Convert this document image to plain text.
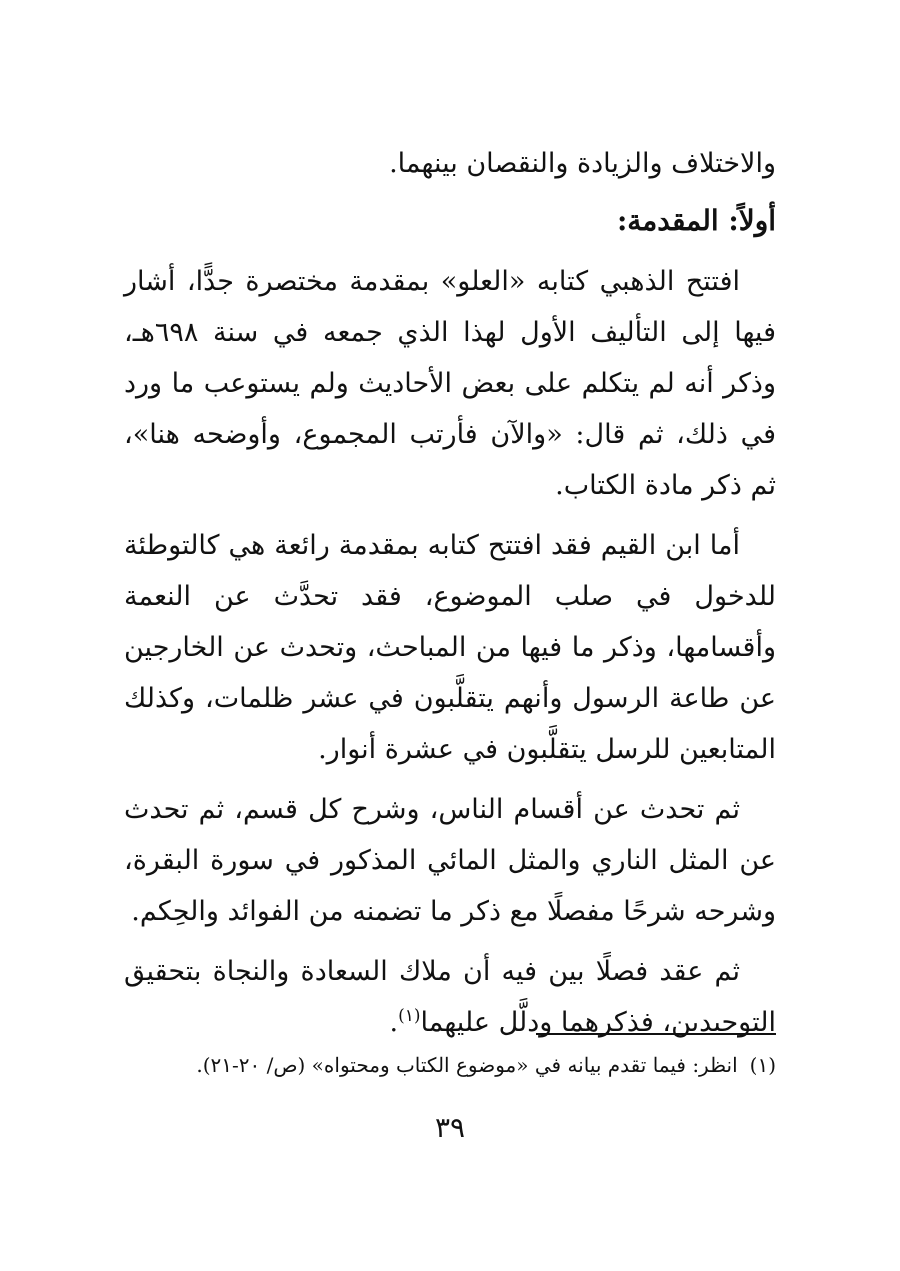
والاختلاف والزيادة والنقصان بينهما.

أولاً: المقدمة:

افتتح الذهبي كتابه «العلو» بمقدمة مختصرة جدًّا، أشار فيها إلى التأليف الأول لهذا الذي جمعه في سنة ٦٩٨هـ، وذكر أنه لم يتكلم على بعض الأحاديث ولم يستوعب ما ورد في ذلك، ثم قال: «والآن فأرتب المجموع، وأوضحه هنا»، ثم ذكر مادة الكتاب.

أما ابن القيم فقد افتتح كتابه بمقدمة رائعة هي كالتوطئة للدخول في صلب الموضوع، فقد تحدَّث عن النعمة وأقسامها، وذكر ما فيها من المباحث، وتحدث عن الخارجين عن طاعة الرسول وأنهم يتقلَّبون في عشر ظلمات، وكذلك المتابعين للرسل يتقلَّبون في عشرة أنوار.

ثم تحدث عن أقسام الناس، وشرح كل قسم، ثم تحدث عن المثل الناري والمثل المائي المذكور في سورة البقرة، وشرحه شرحًا مفصلًا مع ذكر ما تضمنه من الفوائد والحِكم.

ثم عقد فصلًا بين فيه أن ملاك السعادة والنجاة بتحقيق التوحيدين، فذكرهما ودلَّل عليهما$^{(١)}$.

(١)انظر: فيما تقدم بيانه في «موضوع الكتاب ومحتواه» (ص/ ٢٠-٢١).
٣٩
